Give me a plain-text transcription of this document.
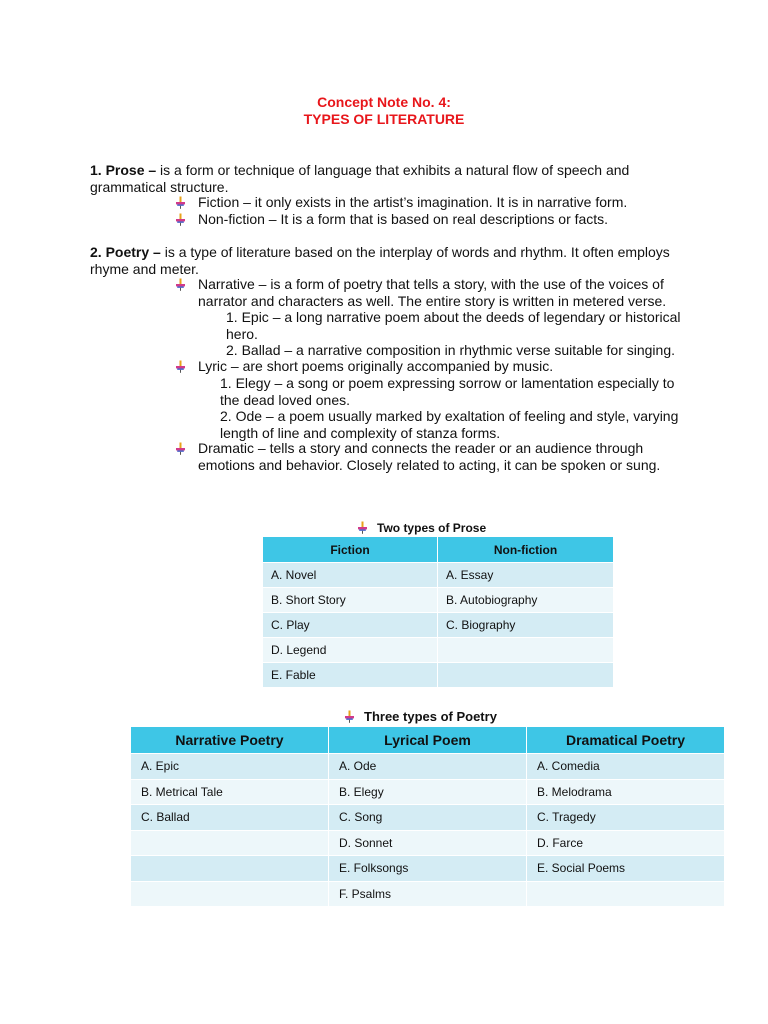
Concept Note No. 4:
TYPES OF LITERATURE
1. Prose – is a form or technique of language that exhibits a natural flow of speech and grammatical structure.
Fiction – it only exists in the artist’s imagination. It is in narrative form.
Non-fiction – It is a form that is based on real descriptions or facts.
2. Poetry – is a type of literature based on the interplay of words and rhythm. It often employs rhyme and meter.
Narrative – is a form of poetry that tells a story, with the use of the voices of narrator and characters as well. The entire story is written in metered verse.
1. Epic – a long narrative poem about the deeds of legendary or historical hero.
2. Ballad – a narrative composition in rhythmic verse suitable for singing.
Lyric – are short poems originally accompanied by music.
1. Elegy – a song or poem expressing sorrow or lamentation especially to the dead loved ones.
2. Ode – a poem usually marked by exaltation of feeling and style, varying length of line and complexity of stanza forms.
Dramatic – tells a story and connects the reader or an audience through emotions and behavior. Closely related to acting, it can be spoken or sung.
Two types of Prose
Fiction	Non-fiction
A. Novel	A. Essay
B. Short Story	B. Autobiography
C. Play	C. Biography
D. Legend	
E. Fable	
Three types of Poetry
Narrative Poetry	Lyrical Poem	Dramatical Poetry
A. Epic	A. Ode	A. Comedia
B. Metrical Tale	B. Elegy	B. Melodrama
C. Ballad	C. Song	C. Tragedy
	D. Sonnet	D. Farce
	E. Folksongs	E. Social Poems
	F. Psalms	
